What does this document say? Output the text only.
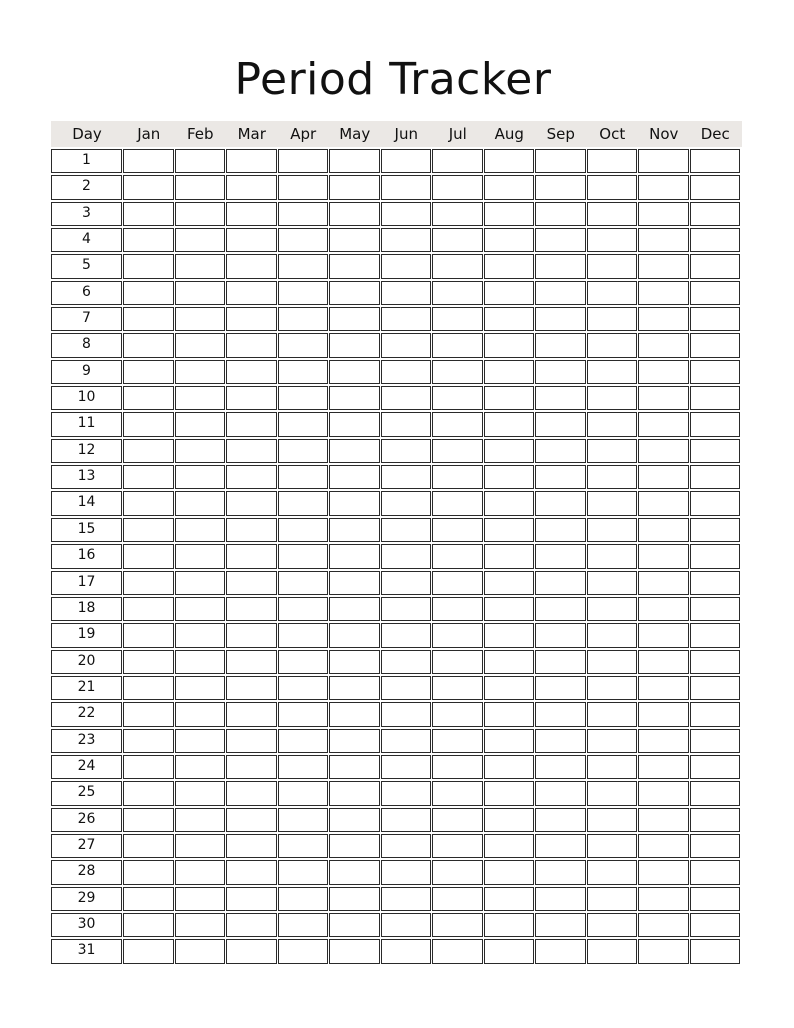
Period Tracker
Day	Jan	Feb	Mar	Apr	May	Jun	Jul	Aug	Sep	Oct	Nov	Dec
1
2
3
4
5
6
7
8
9
10
11
12
13
14
15
16
17
18
19
20
21
22
23
24
25
26
27
28
29
30
31
